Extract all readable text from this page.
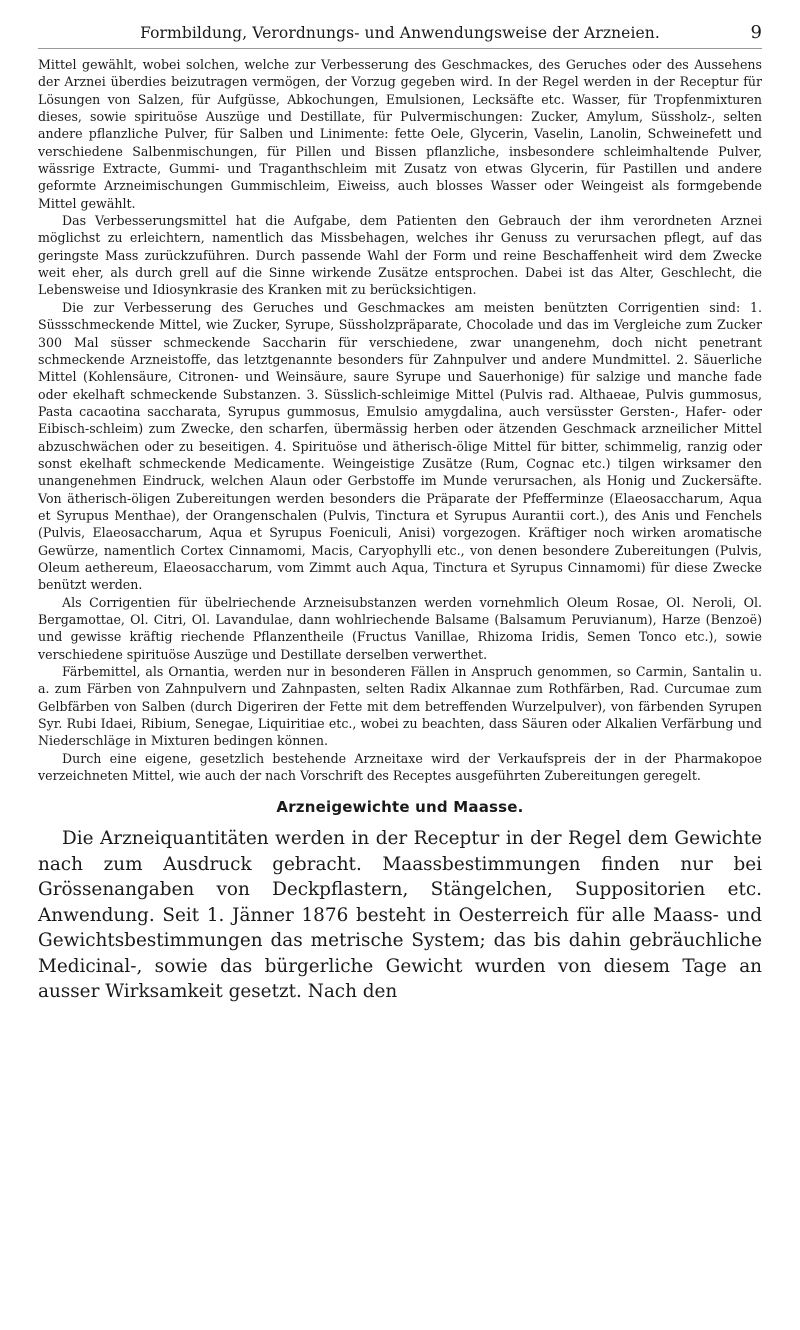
Formbildung, Verordnungs- und Anwendungsweise der Arzneien.	9

Mittel gewählt, wobei solchen, welche zur Verbesserung des Geschmackes, des Geruches oder des Aussehens der Arznei überdies beizutragen vermögen, der Vorzug gegeben wird. In der Regel werden in der Receptur für Lösungen von Salzen, für Aufgüsse, Abkochungen, Emulsionen, Lecksäfte etc. Wasser, für Tropfenmixturen dieses, sowie spirituöse Auszüge und Destillate, für Pulvermischungen: Zucker, Amylum, Süssholz-, selten andere pflanzliche Pulver, für Salben und Linimente: fette Oele, Glycerin, Vaselin, Lanolin, Schweinefett und verschiedene Salbenmischungen, für Pillen und Bissen pflanzliche, insbesondere schleimhaltende Pulver, wässrige Extracte, Gummi- und Traganthschleim mit Zusatz von etwas Glycerin, für Pastillen und andere geformte Arzneimischungen Gummischleim, Eiweiss, auch blosses Wasser oder Weingeist als formgebende Mittel gewählt.

Das Verbesserungsmittel hat die Aufgabe, dem Patienten den Gebrauch der ihm verordneten Arznei möglichst zu erleichtern, namentlich das Missbehagen, welches ihr Genuss zu verursachen pflegt, auf das geringste Mass zurückzuführen. Durch passende Wahl der Form und reine Beschaffenheit wird dem Zwecke weit eher, als durch grell auf die Sinne wirkende Zusätze entsprochen. Dabei ist das Alter, Geschlecht, die Lebensweise und Idiosynkrasie des Kranken mit zu berücksichtigen.

Die zur Verbesserung des Geruches und Geschmackes am meisten benützten Corrigentien sind: 1. Süssschmeckende Mittel, wie Zucker, Syrupe, Süssholzpräparate, Chocolade und das im Vergleiche zum Zucker 300 Mal süsser schmeckende Saccharin für verschiedene, zwar unangenehm, doch nicht penetrant schmeckende Arzneistoffe, das letztgenannte besonders für Zahnpulver und andere Mundmittel. 2. Säuerliche Mittel (Kohlensäure, Citronen- und Weinsäure, saure Syrupe und Sauerhonige) für salzige und manche fade oder ekelhaft schmeckende Substanzen. 3. Süsslich-schleimige Mittel (Pulvis rad. Althaeae, Pulvis gummosus, Pasta cacaotina saccharata, Syrupus gummosus, Emulsio amygdalina, auch versüsster Gersten-, Hafer- oder Eibisch-schleim) zum Zwecke, den scharfen, übermässig herben oder ätzenden Geschmack arzneilicher Mittel abzuschwächen oder zu beseitigen. 4. Spirituöse und ätherisch-ölige Mittel für bitter, schimmelig, ranzig oder sonst ekelhaft schmeckende Medicamente. Weingeistige Zusätze (Rum, Cognac etc.) tilgen wirksamer den unangenehmen Eindruck, welchen Alaun oder Gerbstoffe im Munde verursachen, als Honig und Zuckersäfte. Von ätherisch-öligen Zubereitungen werden besonders die Präparate der Pfefferminze (Elaeosaccharum, Aqua et Syrupus Menthae), der Orangenschalen (Pulvis, Tinctura et Syrupus Aurantii cort.), des Anis und Fenchels (Pulvis, Elaeosaccharum, Aqua et Syrupus Foeniculi, Anisi) vorgezogen. Kräftiger noch wirken aromatische Gewürze, namentlich Cortex Cinnamomi, Macis, Caryophylli etc., von denen besondere Zubereitungen (Pulvis, Oleum aethereum, Elaeosaccharum, vom Zimmt auch Aqua, Tinctura et Syrupus Cinnamomi) für diese Zwecke benützt werden.

Als Corrigentien für übelriechende Arzneisubstanzen werden vornehmlich Oleum Rosae, Ol. Neroli, Ol. Bergamottae, Ol. Citri, Ol. Lavandulae, dann wohlriechende Balsame (Balsamum Peruvianum), Harze (Benzoë) und gewisse kräftig riechende Pflanzentheile (Fructus Vanillae, Rhizoma Iridis, Semen Tonco etc.), sowie verschiedene spirituöse Auszüge und Destillate derselben verwerthet.

Färbemittel, als Ornantia, werden nur in besonderen Fällen in Anspruch genommen, so Carmin, Santalin u. a. zum Färben von Zahnpulvern und Zahnpasten, selten Radix Alkannae zum Rothfärben, Rad. Curcumae zum Gelbfärben von Salben (durch Digeriren der Fette mit dem betreffenden Wurzelpulver), von färbenden Syrupen Syr. Rubi Idaei, Ribium, Senegae, Liquiritiae etc., wobei zu beachten, dass Säuren oder Alkalien Verfärbung und Niederschläge in Mixturen bedingen können.

Durch eine eigene, gesetzlich bestehende Arzneitaxe wird der Verkaufspreis der in der Pharmakopoe verzeichneten Mittel, wie auch der nach Vorschrift des Receptes ausgeführten Zubereitungen geregelt.

Arzneigewichte und Maasse.

Die Arzneiquantitäten werden in der Receptur in der Regel dem Gewichte nach zum Ausdruck gebracht. Maassbestimmungen finden nur bei Grössenangaben von Deckpflastern, Stängelchen, Suppositorien etc. Anwendung. Seit 1. Jänner 1876 besteht in Oesterreich für alle Maass- und Gewichtsbestimmungen das metrische System; das bis dahin gebräuchliche Medicinal-, sowie das bürgerliche Gewicht wurden von diesem Tage an ausser Wirksamkeit gesetzt. Nach den
